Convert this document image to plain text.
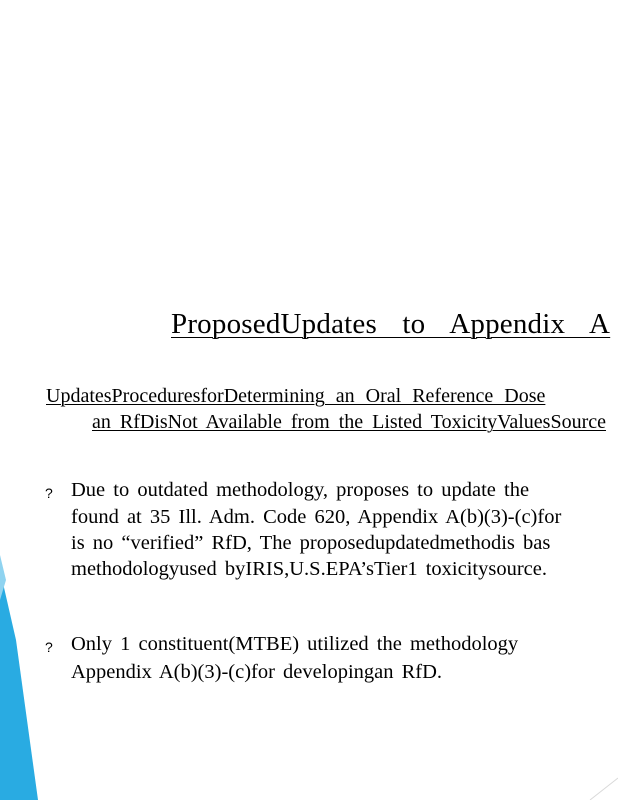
ProposedUpdates to Appendix A
UpdatesProceduresforDetermining an Oral Reference Dose
an RfDisNot Available from the Listed ToxicityValuesSource
? Due to outdated methodology, proposes to update the
found at 35 Ill. Adm. Code 620, Appendix A(b)(3)-(c)for
is no “verified” RfD, The proposedupdatedmethodis bas
methodologyused byIRIS,U.S.EPA’sTier1 toxicitysource.
? Only 1 constituent(MTBE) utilized the methodology
Appendix A(b)(3)-(c)for developingan RfD.
